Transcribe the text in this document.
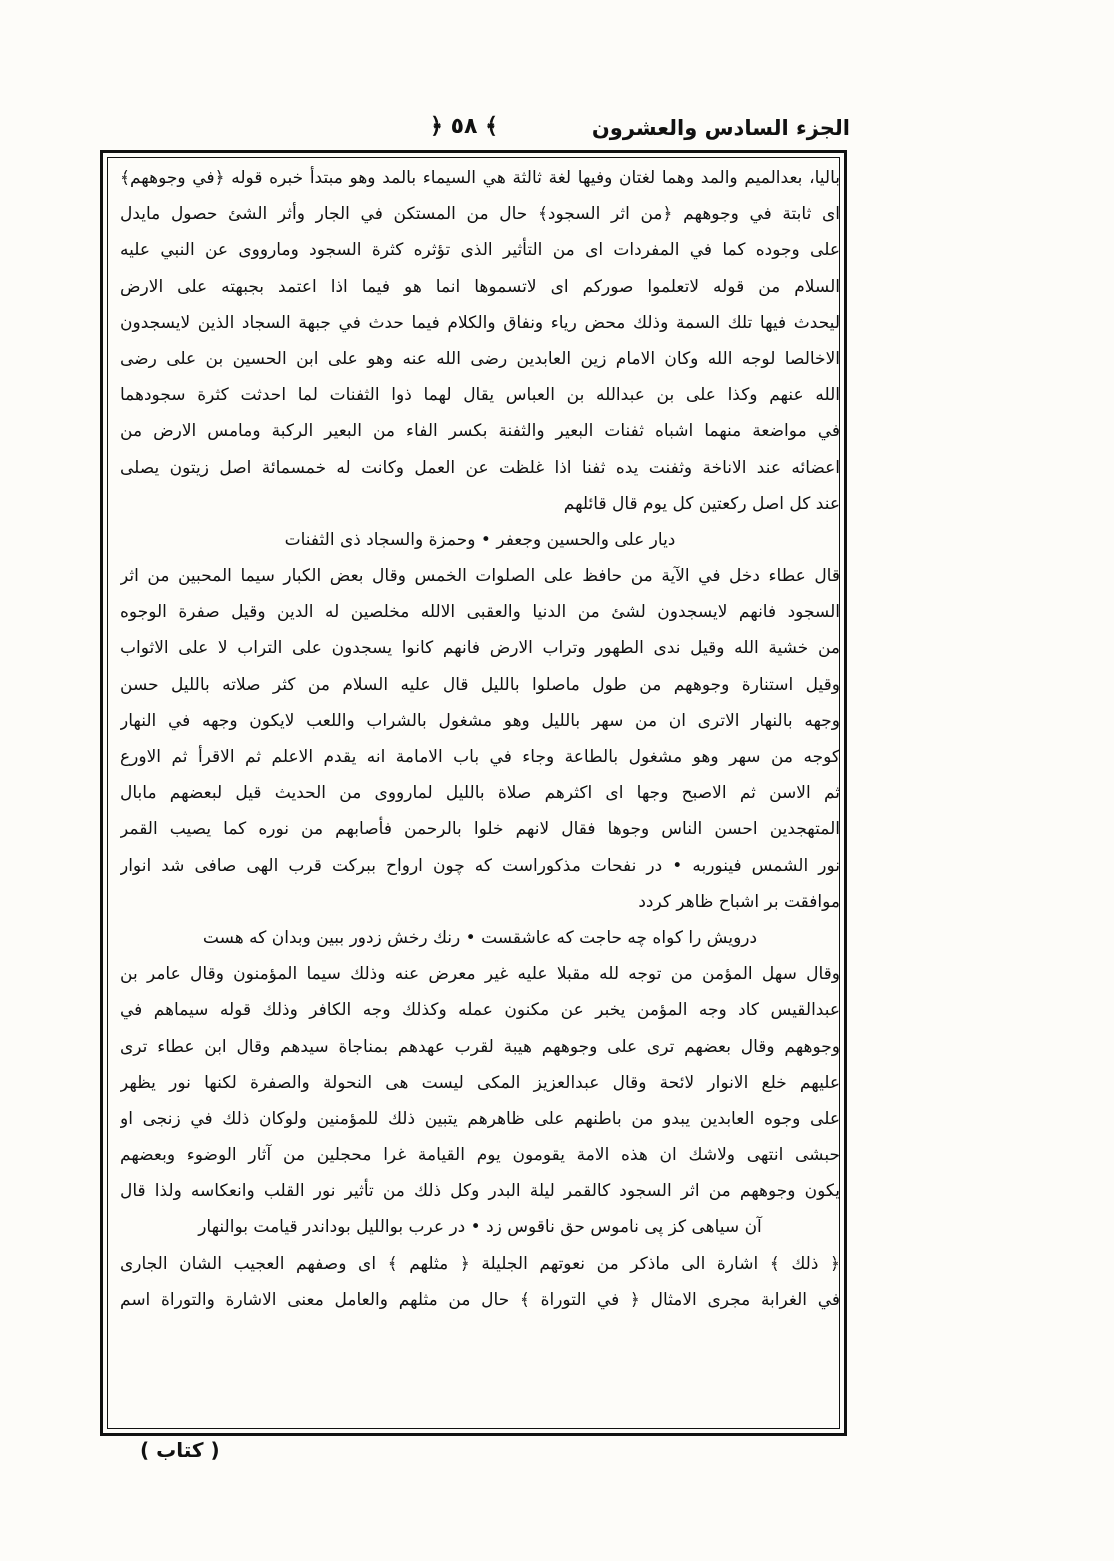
الجزء السادس والعشرون
﴾ ٥٨ ﴿
باليا، بعدالميم والمد وهما لغتان وفيها لغة ثالثة هي السيماء بالمد وهو مبتدأ خبره قوله ﴿في وجوههم﴾
اى ثابتة في وجوههم ﴿من اثر السجود﴾ حال من المستكن في الجار وأثر الشئ حصول مايدل
على وجوده كما في المفردات اى من التأثير الذى تؤثره كثرة السجود ومارووى عن النبي عليه
السلام من قوله لاتعلموا صوركم اى لاتسموها انما هو فيما اذا اعتمد بجبهته على الارض
ليحدث فيها تلك السمة وذلك محض رياء ونفاق والكلام فيما حدث في جبهة السجاد الذين لايسجدون
الاخالصا لوجه الله وكان الامام زين العابدين رضى الله عنه وهو على ابن الحسين بن على رضى
الله عنهم وكذا على بن عبدالله بن العباس يقال لهما ذوا الثفنات لما احدثت كثرة سجودهما
في مواضعة منهما اشباه ثفنات البعير والثفنة بكسر الفاء من البعير الركبة ومامس الارض من
اعضائه عند الاناخة وثفنت يده ثفنا اذا غلظت عن العمل وكانت له خمسمائة اصل زيتون يصلى
عند كل اصل ركعتين كل يوم قال قائلهم
ديار على والحسين وجعفر • وحمزة والسجاد ذى الثفنات
قال عطاء دخل في الآية من حافظ على الصلوات الخمس وقال بعض الكبار سيما المحبين من اثر
السجود فانهم لايسجدون لشئ من الدنيا والعقبى الالله مخلصين له الدين وقيل صفرة الوجوه
من خشية الله وقيل ندى الطهور وتراب الارض فانهم كانوا يسجدون على التراب لا على الاثواب
وقيل استنارة وجوههم من طول ماصلوا بالليل قال عليه السلام من كثر صلاته بالليل حسن
وجهه بالنهار الاترى ان من سهر بالليل وهو مشغول بالشراب واللعب لايكون وجهه في النهار
كوجه من سهر وهو مشغول بالطاعة وجاء في باب الامامة انه يقدم الاعلم ثم الاقرأ ثم الاورع
ثم الاسن ثم الاصبح وجها اى اكثرهم صلاة بالليل لمارووى من الحديث قيل لبعضهم مابال
المتهجدين احسن الناس وجوها فقال لانهم خلوا بالرحمن فأصابهم من نوره كما يصيب القمر
نور الشمس فينوربه • در نفحات مذكوراست كه چون ارواح ببركت قرب الهى صافى شد انوار
موافقت بر اشباح ظاهر كردد
درويش را كواه چه حاجت كه عاشقست • رنك رخش زدور ببين وبدان كه هست
وقال سهل المؤمن من توجه لله مقبلا عليه غير معرض عنه وذلك سيما المؤمنون وقال عامر بن
عبدالقيس كاد وجه المؤمن يخبر عن مكنون عمله وكذلك وجه الكافر وذلك قوله سيماهم في
وجوههم وقال بعضهم ترى على وجوههم هيبة لقرب عهدهم بمناجاة سيدهم وقال ابن عطاء ترى
عليهم خلع الانوار لائحة وقال عبدالعزيز المكى ليست هى النحولة والصفرة لكنها نور يظهر
على وجوه العابدين يبدو من باطنهم على ظاهرهم يتبين ذلك للمؤمنين ولوكان ذلك في زنجى او
حبشى انتهى ولاشك ان هذه الامة يقومون يوم القيامة غرا محجلين من آثار الوضوء وبعضهم
يكون وجوههم من اثر السجود كالقمر ليلة البدر وكل ذلك من تأثير نور القلب وانعكاسه ولذا قال
آن سياهى كز پى ناموس حق ناقوس زد • در عرب بوالليل بوداندر قيامت بوالنهار
﴿ ذلك ﴾ اشارة الى ماذكر من نعوتهم الجليلة ﴿ مثلهم ﴾ اى وصفهم العجيب الشان الجارى
في الغرابة مجرى الامثال ﴿ في التوراة ﴾ حال من مثلهم والعامل معنى الاشارة والتوراة اسم
( كتاب )
